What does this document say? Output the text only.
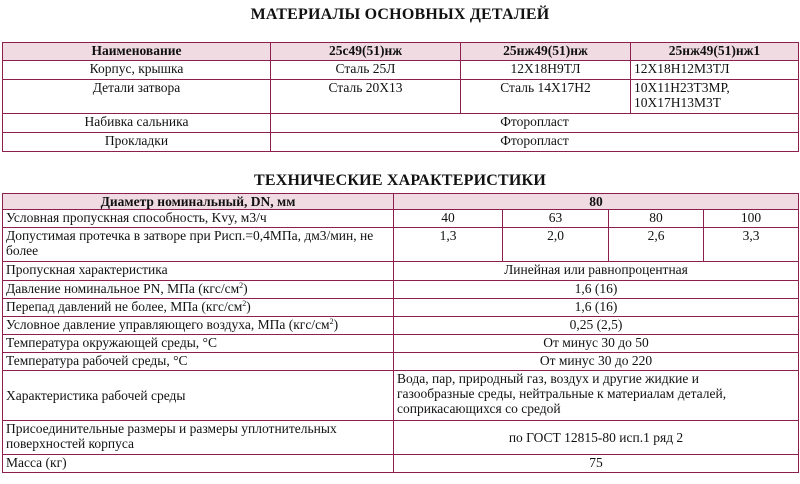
МАТЕРИАЛЫ ОСНОВНЫХ ДЕТАЛЕЙ
Наименование	25с49(51)нж	25нж49(51)нж	25нж49(51)нж1
Корпус, крышка	Сталь 25Л	12Х18Н9ТЛ	12Х18Н12М3ТЛ
Детали затвора	Сталь 20Х13	Сталь 14Х17Н2	10Х11Н23Т3МР,
10Х17Н13М3Т
Набивка сальника	Фторопласт		
Прокладки	Фторопласт		
ТЕХНИЧЕСКИЕ ХАРАКТЕРИСТИКИ
Диаметр номинальный, DN, мм	80			
Условная пропускная способность, Kvy, м3/ч	40	63	80	100
Допустимая протечка в затворе при Рисп.=0,4МПа, дм3/мин, не более	1,3	2,0	2,6	3,3
Пропускная характеристика	Линейная или равнопроцентная			
Давление номинальное PN, МПа $(кгс/см^2)$	1,6 (16)			
Перепад давлений не более, МПа $(кгс/см^2)$	1,6 (16)			
Условное давление управляющего воздуха, МПа $(кгс/см^2)$	0,25 (2,5)			
Температура окружающей среды, °С	От минус 30 до 50			
Температура рабочей среды, °С	От минус 30 до 220			
Характеристика рабочей среды	Вода, пар, природный газ, воздух и другие жидкие и
газообразные среды, нейтральные к материалам деталей,
соприкасающихся со средой			
Присоединительные размеры и размеры уплотнительных поверхностей корпуса	по ГОСТ 12815-80 исп.1 ряд 2			
Масса (кг)	75			
